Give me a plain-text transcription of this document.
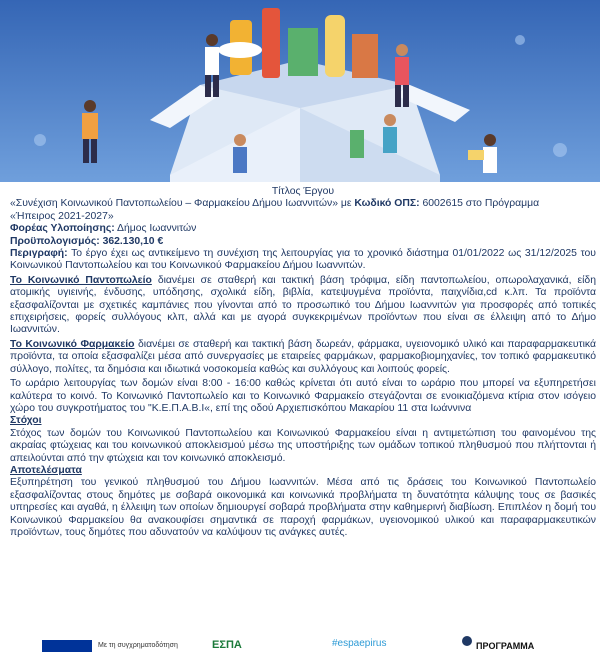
Τίτλος Έργου

«Συνέχιση Κοινωνικού Παντοπωλείου – Φαρμακείου Δήμου Ιωαννιτών» με Κωδικό ΟΠΣ: 6002615 στο Πρόγραμμα
«Ήπειρος 2021-2027»

Φορέας Υλοποίησης: Δήμος Ιωαννιτών

Προϋπολογισμός: 362.130,10 €

Περιγραφή: Το έργο έχει ως αντικείμενο τη συνέχιση της λειτουργίας για το χρονικό διάστημα 01/01/2022 ως 31/12/2025 του Κοινωνικού Παντοπωλείου και του Κοινωνικού Φαρμακείου Δήμου Ιωαννιτών.

Το Κοινωνικό Παντοπωλείο διανέμει σε σταθερή και τακτική βάση τρόφιμα, είδη παντοπωλείου, οπωρολαχανικά, είδη ατομικής υγιεινής, ένδυσης, υπόδησης, σχολικά είδη, βιβλία, κατεψυγμένα προϊόντα, παιχνίδια,cd κ.λπ. Τα προϊόντα εξασφαλίζονται με σχετικές καμπάνιες που γίνονται από το προσωπικό του Δήμου Ιωαννιτών για προσφορές από τοπικές επιχειρήσεις, φορείς συλλόγους κλπ, αλλά και με αγορά συγκεκριμένων προϊόντων που είναι σε έλλειψη από το Δήμο Ιωαννιτών.

Το Κοινωνικό Φαρμακείο διανέμει σε σταθερή και τακτική βάση δωρεάν, φάρμακα, υγειονομικό υλικό και παραφαρμακευτικά προϊόντα, τα οποία εξασφαλίζει μέσα από συνεργασίες με εταιρείες φαρμάκων, φαρμακοβιομηχανίες, τον τοπικό φαρμακευτικό σύλλογο, πολίτες, τα δημόσια και ιδιωτικά νοσοκομεία καθώς και συλλόγους και λοιπούς φορείς.

Το ωράριο λειτουργίας των δομών είναι 8:00 - 16:00 καθώς κρίνεται ότι αυτό είναι το ωράριο που μπορεί να εξυπηρετήσει καλύτερα το κοινό. Το Κοινωνικό Παντοπωλείο και το Κοινωνικό Φαρμακείο στεγάζονται σε ενοικιαζόμενα κτίρια στον ισόγειο χώρο του συγκροτήματος του "Κ.Ε.Π.Α.Β.Ι«, επί της οδού Αρχιεπισκόπου Μακαρίου 11 στα Ιωάννινα

Στόχοι

Στόχος των δομών του Κοινωνικού Παντοπωλείου και Κοινωνικού Φαρμακείου είναι η αντιμετώπιση του φαινομένου της ακραίας φτώχειας και του κοινωνικού αποκλεισμού μέσω της υποστήριξης των ομάδων τοπικού πληθυσμού που πλήττονται ή απειλούνται από την φτώχεια και τον κοινωνικό αποκλεισμό.

Αποτελέσματα

Εξυπηρέτηση του γενικού πληθυσμού του Δήμου Ιωαννιτών. Μέσα από τις δράσεις του Κοινωνικού Παντοπωλείο εξασφαλίζοντας στους δημότες με σοβαρά οικονομικά και κοινωνικά προβλήματα τη δυνατότητα κάλυψης τους σε βασικές υπηρεσίες και αγαθά, η έλλειψη των οποίων δημιουργεί σοβαρά προβλήματα στην καθημερινή διαβίωση. Επιπλέον η δομή του Κοινωνικού Φαρμακείου θα ανακουφίσει σημαντικά σε παροχή φαρμάκων, υγειονομικού υλικού και παραφαρμακευτικών προϊόντων, τους δημότες που αδυνατούν να καλύψουν τις ανάγκες αυτές.

Με τη συγχρηματοδότηση	ΕΣΠΑ	#espaepirus	ΠΡΟΓΡΑΜΜΑ
